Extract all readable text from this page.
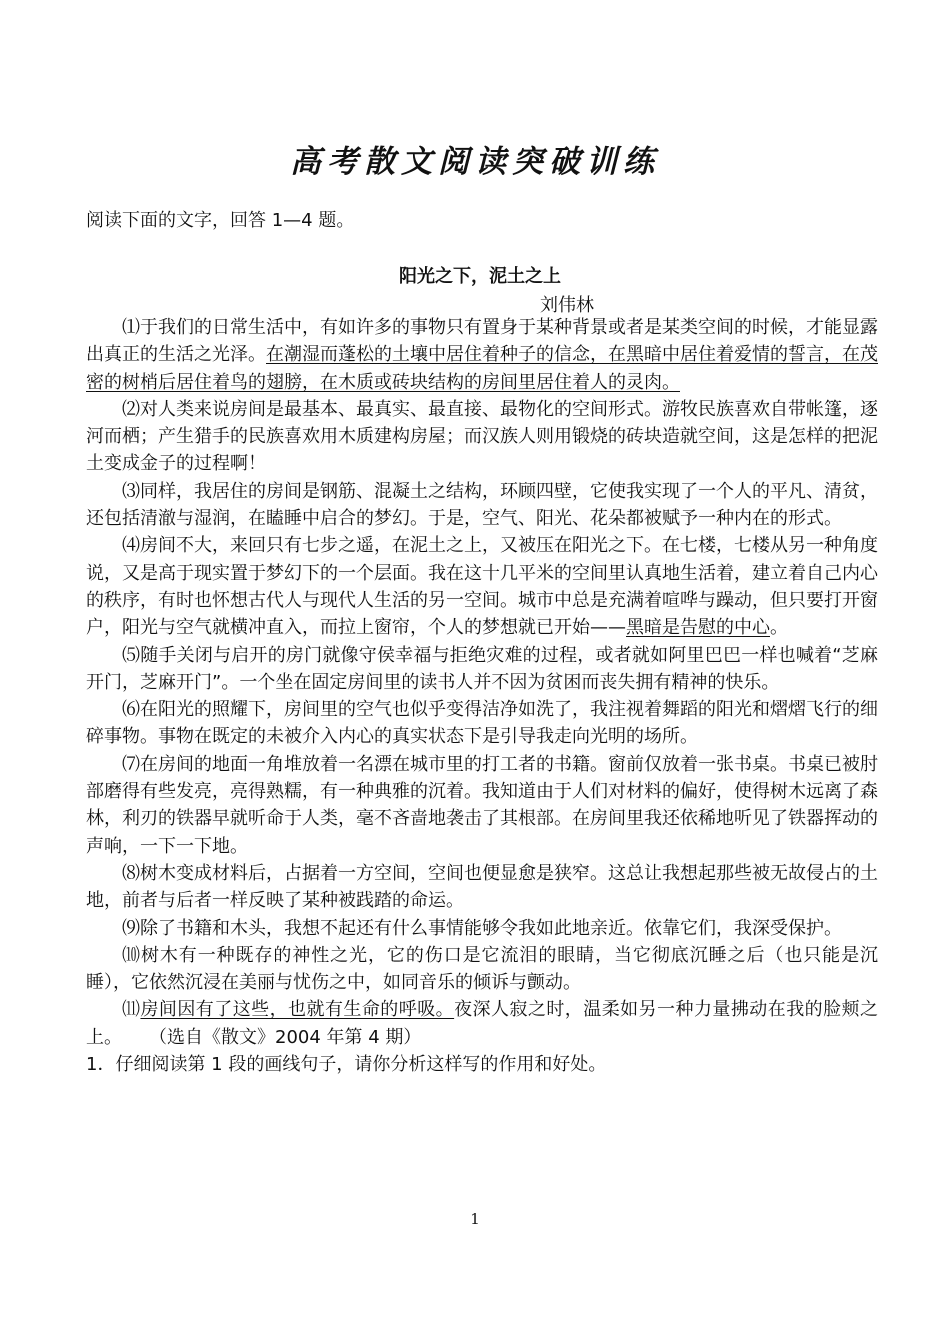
高考散文阅读突破训练
阅读下面的文字，回答 1—4 题。
阳光之下，泥土之上
刘伟林

⑴于我们的日常生活中，有如许多的事物只有置身于某种背景或者是某类空间的时候，才能显露出真正的生活之光泽。在潮湿而蓬松的土壤中居住着种子的信念，在黑暗中居住着爱情的誓言，在茂密的树梢后居住着鸟的翅膀，在木质或砖块结构的房间里居住着人的灵肉。

⑵对人类来说房间是最基本、最真实、最直接、最物化的空间形式。游牧民族喜欢自带帐篷，逐河而栖；产生猎手的民族喜欢用木质建构房屋；而汉族人则用锻烧的砖块造就空间，这是怎样的把泥土变成金子的过程啊！

⑶同样，我居住的房间是钢筋、混凝土之结构，环顾四壁，它使我实现了一个人的平凡、清贫，还包括清澈与湿润，在瞌睡中启合的梦幻。于是，空气、阳光、花朵都被赋予一种内在的形式。

⑷房间不大，来回只有七步之遥，在泥土之上，又被压在阳光之下。在七楼，七楼从另一种角度说，又是高于现实置于梦幻下的一个层面。我在这十几平米的空间里认真地生活着，建立着自己内心的秩序，有时也怀想古代人与现代人生活的另一空间。城市中总是充满着喧哗与躁动，但只要打开窗户，阳光与空气就横冲直入，而拉上窗帘，个人的梦想就已开始——黑暗是告慰的中心。

⑸随手关闭与启开的房门就像守侯幸福与拒绝灾难的过程，或者就如阿里巴巴一样也喊着“芝麻开门，芝麻开门”。一个坐在固定房间里的读书人并不因为贫困而丧失拥有精神的快乐。

⑹在阳光的照耀下，房间里的空气也似乎变得洁净如洗了，我注视着舞蹈的阳光和熠熠飞行的细碎事物。事物在既定的未被介入内心的真实状态下是引导我走向光明的场所。

⑺在房间的地面一角堆放着一名漂在城市里的打工者的书籍。窗前仅放着一张书桌。书桌已被肘部磨得有些发亮，亮得熟糯，有一种典雅的沉着。我知道由于人们对材料的偏好，使得树木远离了森林，利刃的铁器早就听命于人类，毫不吝啬地袭击了其根部。在房间里我还依稀地听见了铁器挥动的声响，一下一下地。

⑻树木变成材料后，占据着一方空间，空间也便显愈是狭窄。这总让我想起那些被无故侵占的土地，前者与后者一样反映了某种被践踏的命运。

⑼除了书籍和木头，我想不起还有什么事情能够令我如此地亲近。依靠它们，我深受保护。

⑽树木有一种既存的神性之光，它的伤口是它流泪的眼睛，当它彻底沉睡之后（也只能是沉睡），它依然沉浸在美丽与忧伤之中，如同音乐的倾诉与颤动。

⑾房间因有了这些，也就有生命的呼吸。夜深人寂之时，温柔如另一种力量拂动在我的脸颊之上。 （选自《散文》2004 年第 4 期）

1．仔细阅读第 1 段的画线句子，请你分析这样写的作用和好处。

1
